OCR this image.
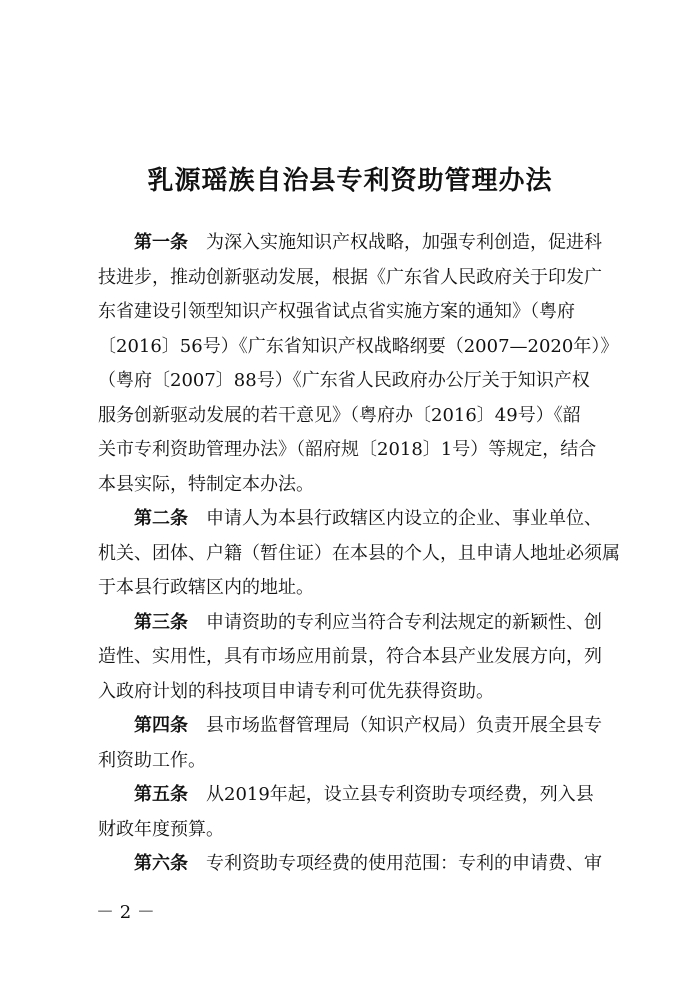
乳源瑶族自治县专利资助管理办法
第一条 为深入实施知识产权战略，加强专利创造，促进科
技进步，推动创新驱动发展，根据《广东省人民政府关于印发广
东省建设引领型知识产权强省试点省实施方案的通知》（粤府
〔2016〕56号）《广东省知识产权战略纲要（2007—2020年）》
（粤府〔2007〕88号）《广东省人民政府办公厅关于知识产权
服务创新驱动发展的若干意见》（粤府办〔2016〕49号）《韶
关市专利资助管理办法》（韶府规〔2018〕1号）等规定，结合
本县实际，特制定本办法。
第二条 申请人为本县行政辖区内设立的企业、事业单位、
机关、团体、户籍（暂住证）在本县的个人，且申请人地址必须属
于本县行政辖区内的地址。
第三条 申请资助的专利应当符合专利法规定的新颖性、创
造性、实用性，具有市场应用前景，符合本县产业发展方向，列
入政府计划的科技项目申请专利可优先获得资助。
第四条 县市场监督管理局（知识产权局）负责开展全县专
利资助工作。
第五条 从2019年起，设立县专利资助专项经费，列入县
财政年度预算。
第六条 专利资助专项经费的使用范围：专利的申请费、审
－ 2 －
